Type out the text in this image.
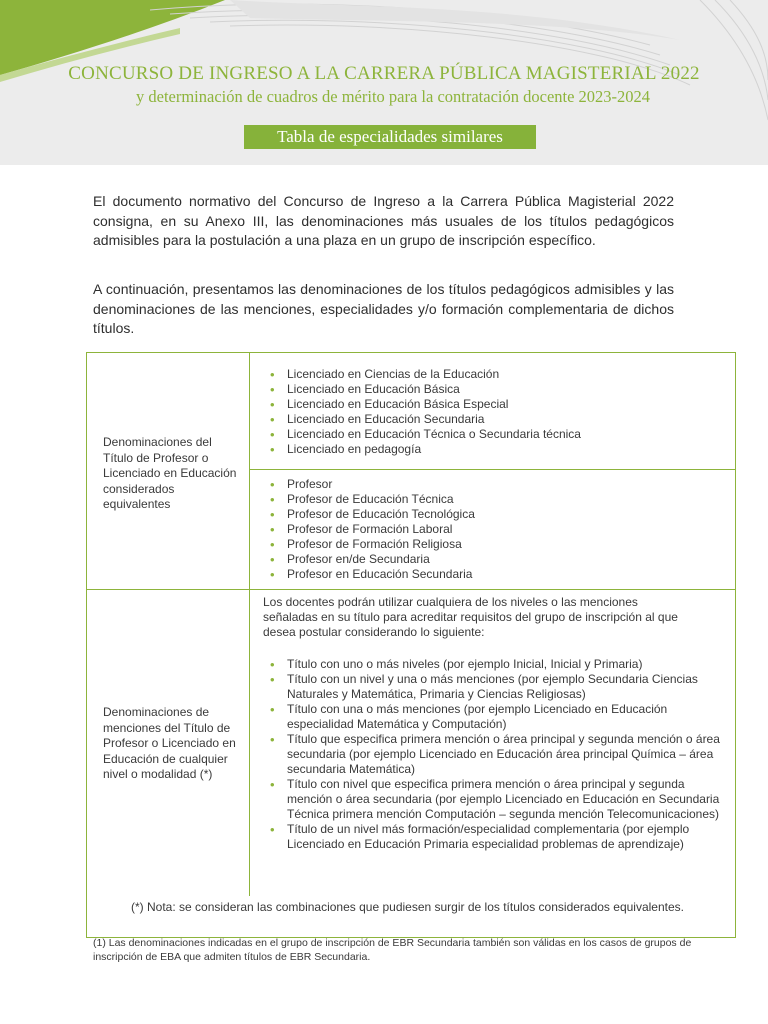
CONCURSO DE INGRESO A LA CARRERA PÚBLICA MAGISTERIAL 2022
y determinación de cuadros de mérito para la contratación docente 2023-2024
Tabla de especialidades similares
El documento normativo del Concurso de Ingreso a la Carrera Pública Magisterial 2022 consigna, en su Anexo III, las denominaciones más usuales de los títulos pedagógicos admisibles para la postulación a una plaza en un grupo de inscripción específico.
A continuación, presentamos las denominaciones de los títulos pedagógicos admisibles y las denominaciones de las menciones, especialidades y/o formación complementaria de dichos títulos.
Denominaciones del Título de Profesor o Licenciado en Educación considerados equivalentes
Denominaciones de menciones del Título de Profesor o Licenciado en Educación de cualquier nivel o modalidad (*)
• Licenciado en Ciencias de la Educación
• Licenciado en Educación Básica
• Licenciado en Educación Básica Especial
• Licenciado en Educación Secundaria
• Licenciado en Educación Técnica o Secundaria técnica
• Licenciado en pedagogía
• Profesor
• Profesor de Educación Técnica
• Profesor de Educación Tecnológica
• Profesor de Formación Laboral
• Profesor de Formación Religiosa
• Profesor en/de Secundaria
• Profesor en Educación Secundaria
Los docentes podrán utilizar cualquiera de los niveles o las menciones señaladas en su título para acreditar requisitos del grupo de inscripción al que desea postular considerando lo siguiente:
• Título con uno o más niveles (por ejemplo Inicial, Inicial y Primaria)
• Título con un nivel y una o más menciones (por ejemplo Secundaria Ciencias Naturales y Matemática, Primaria y Ciencias Religiosas)
• Título con una o más menciones (por ejemplo Licenciado en Educación especialidad Matemática y Computación)
• Título que especifica primera mención o área principal y segunda mención o área secundaria (por ejemplo Licenciado en Educación área principal Química – área secundaria Matemática)
• Título con nivel que especifica primera mención o área principal y segunda mención o área secundaria (por ejemplo Licenciado en Educación en Secundaria Técnica primera mención Computación – segunda mención Telecomunicaciones)
• Título de un nivel más formación/especialidad complementaria (por ejemplo Licenciado en Educación Primaria especialidad problemas de aprendizaje)
(*) Nota: se consideran las combinaciones que pudiesen surgir de los títulos considerados equivalentes.
(1) Las denominaciones indicadas en el grupo de inscripción de EBR Secundaria también son válidas en los casos de grupos de inscripción de EBA que admiten títulos de EBR Secundaria.
